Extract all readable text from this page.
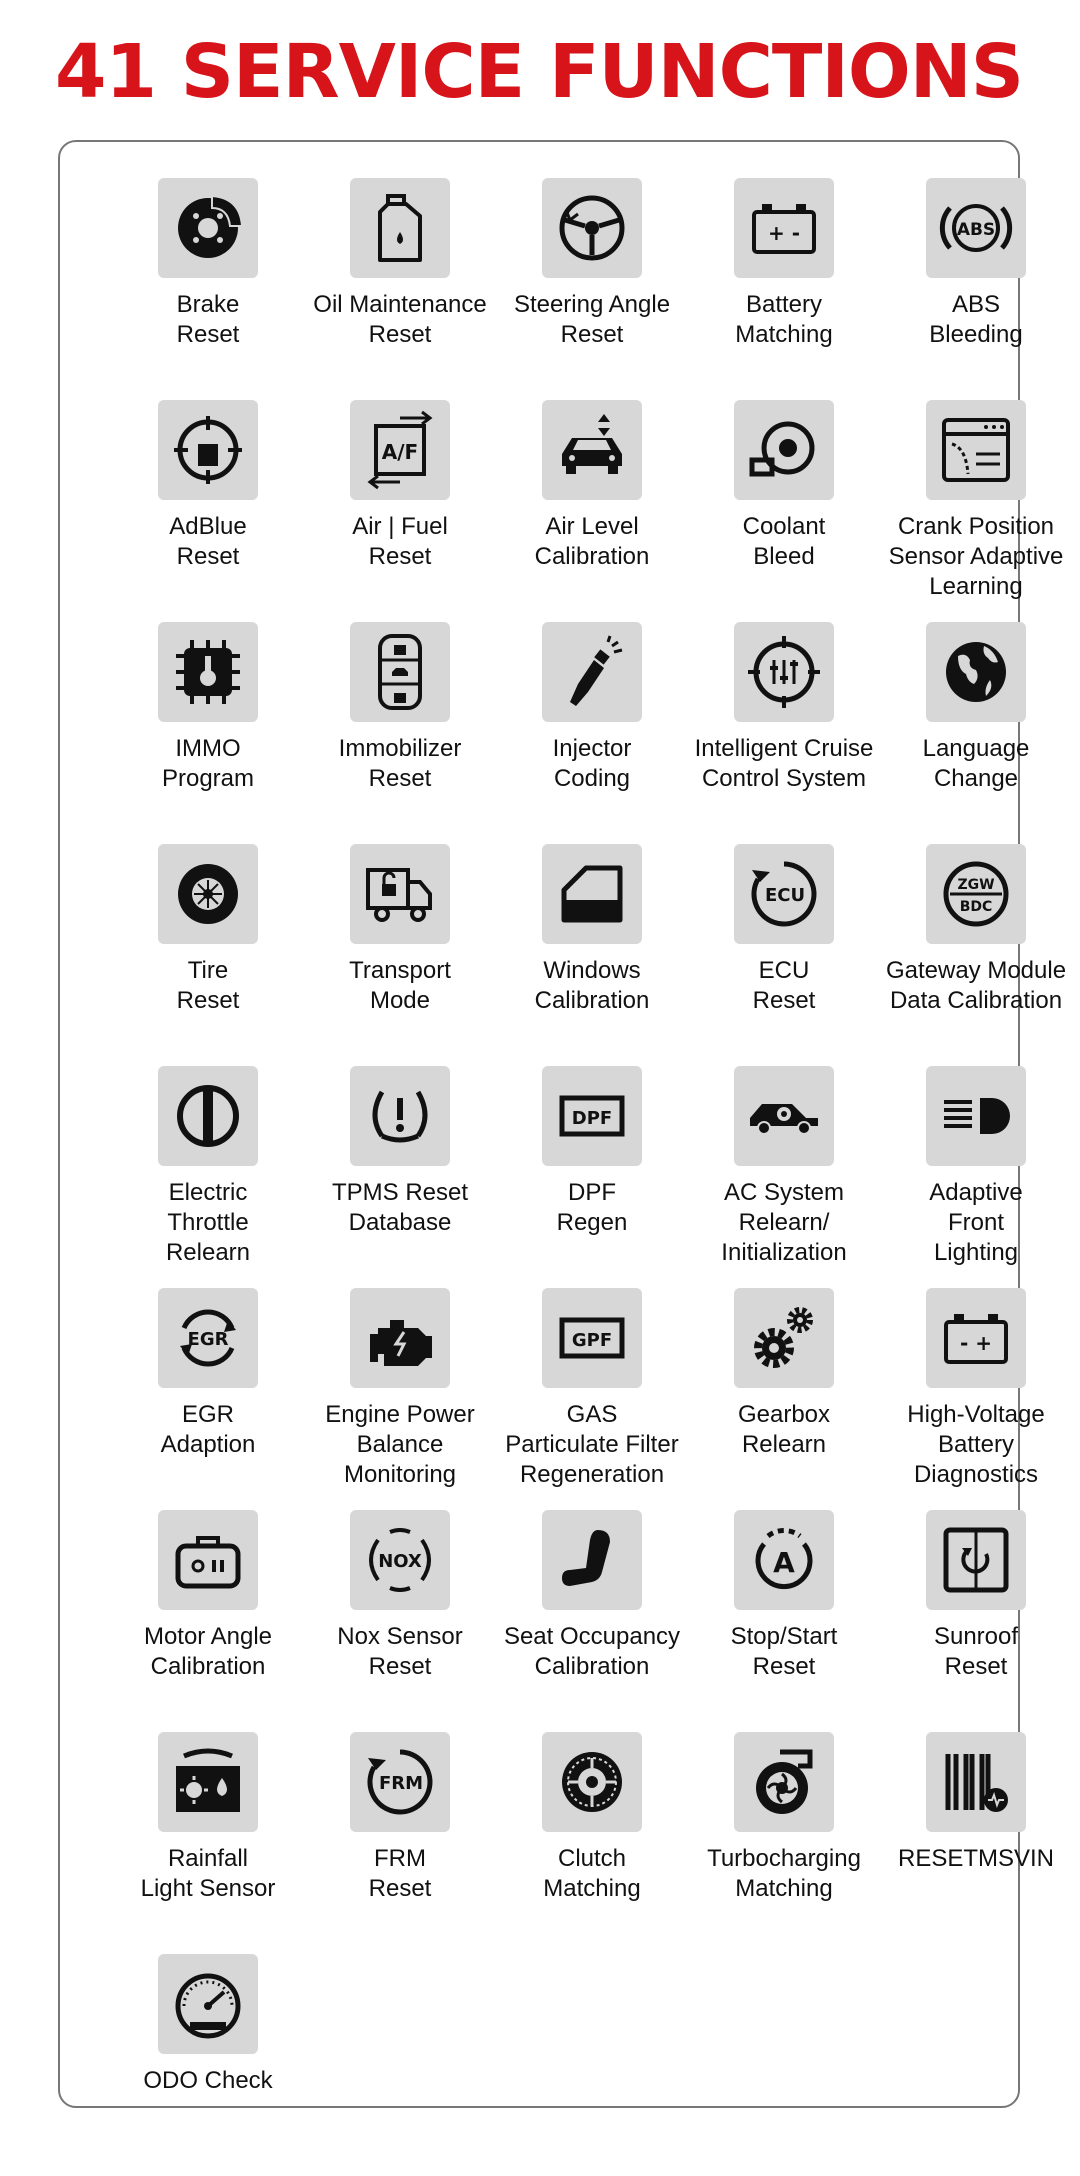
41 SERVICE FUNCTIONS
Brake
Reset
Oil Maintenance
Reset
Steering Angle
Reset
+ -
Battery
Matching
ABS
ABS
Bleeding
AdBlue
Reset
A/F
Air | Fuel
Reset
Air Level
Calibration
Coolant
Bleed
Crank Position
Sensor Adaptive
Learning
IMMO
Program
Immobilizer
Reset
Injector
Coding
Intelligent Cruise
Control System
Language
Change
Tire
Reset
Transport
Mode
Windows
Calibration
ECU
ECU
Reset
ZGW
BDC
Gateway Module
Data Calibration
Electric
Throttle
Relearn
TPMS Reset
Database
DPF
DPF
Regen
AC System
Relearn/
Initialization
Adaptive
Front
Lighting
EGR
EGR
Adaption
Engine Power
Balance
Monitoring
GPF
GAS
Particulate Filter
Regeneration
Gearbox
Relearn
- +
High-Voltage
Battery
Diagnostics
Motor Angle
Calibration
NOX
Nox Sensor
Reset
Seat Occupancy
Calibration
A
Stop/Start
Reset
Sunroof
Reset
Rainfall
Light Sensor
FRM
FRM
Reset
Clutch
Matching
Turbocharging
Matching
RESETMSVIN
ODO Check
